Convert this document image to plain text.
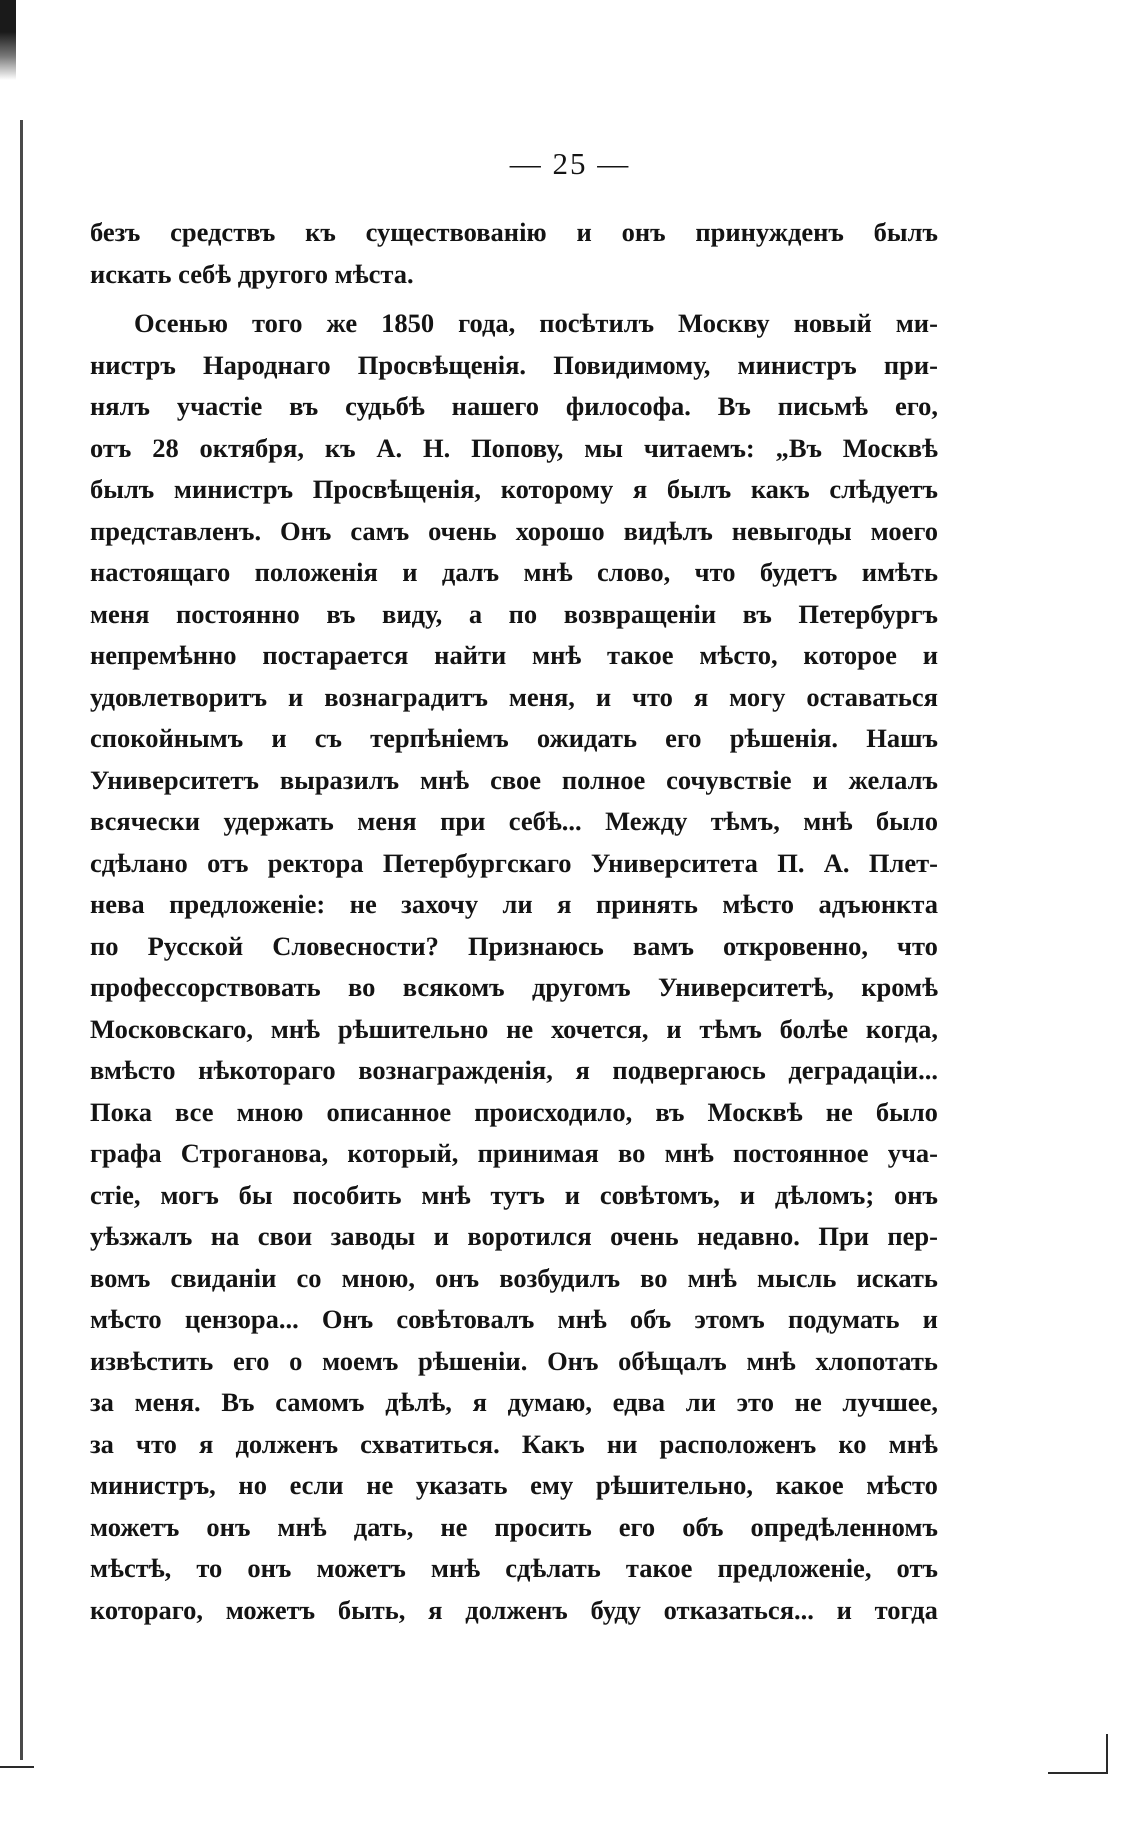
— 25 —
безъ средствъ къ существованію и онъ принужденъ былъ
искать себѣ другого мѣста.
Осенью того же 1850 года, посѣтилъ Москву новый ми-
нистръ Народнаго Просвѣщенія. Повидимому, министръ при-
нялъ участіе въ судьбѣ нашего философа. Въ письмѣ его,
отъ 28 октября, къ А. Н. Попову, мы читаемъ: „Въ Москвѣ
былъ министръ Просвѣщенія, которому я былъ какъ слѣдуетъ
представленъ. Онъ самъ очень хорошо видѣлъ невыгоды моего
настоящаго положенія и далъ мнѣ слово, что будетъ имѣть
меня постоянно въ виду, а по возвращеніи въ Петербургъ
непремѣнно постарается найти мнѣ такое мѣсто, которое и
удовлетворитъ и вознаградитъ меня, и что я могу оставаться
спокойнымъ и съ терпѣніемъ ожидать его рѣшенія. Нашъ
Университетъ выразилъ мнѣ свое полное сочувствіе и желалъ
всячески удержать меня при себѣ... Между тѣмъ, мнѣ было
сдѣлано отъ ректора Петербургскаго Университета П. А. Плет-
нева предложеніе: не захочу ли я принять мѣсто адъюнкта
по Русской Словесности? Признаюсь вамъ откровенно, что
профессорствовать во всякомъ другомъ Университетѣ, кромѣ
Московскаго, мнѣ рѣшительно не хочется, и тѣмъ болѣе когда,
вмѣсто нѣкотораго вознагражденія, я подвергаюсь деградаціи...
Пока все мною описанное происходило, въ Москвѣ не было
графа Строганова, который, принимая во мнѣ постоянное уча-
стіе, могъ бы пособить мнѣ тутъ и совѣтомъ, и дѣломъ; онъ
уѣзжалъ на свои заводы и воротился очень недавно. При пер-
вомъ свиданіи со мною, онъ возбудилъ во мнѣ мысль искать
мѣсто цензора... Онъ совѣтовалъ мнѣ объ этомъ подумать и
извѣстить его о моемъ рѣшеніи. Онъ обѣщалъ мнѣ хлопотать
за меня. Въ самомъ дѣлѣ, я думаю, едва ли это не лучшее,
за что я долженъ схватиться. Какъ ни расположенъ ко мнѣ
министръ, но если не указать ему рѣшительно, какое мѣсто
можетъ онъ мнѣ дать, не просить его объ опредѣленномъ
мѣстѣ, то онъ можетъ мнѣ сдѣлать такое предложеніе, отъ
котораго, можетъ быть, я долженъ буду отказаться... и тогда
